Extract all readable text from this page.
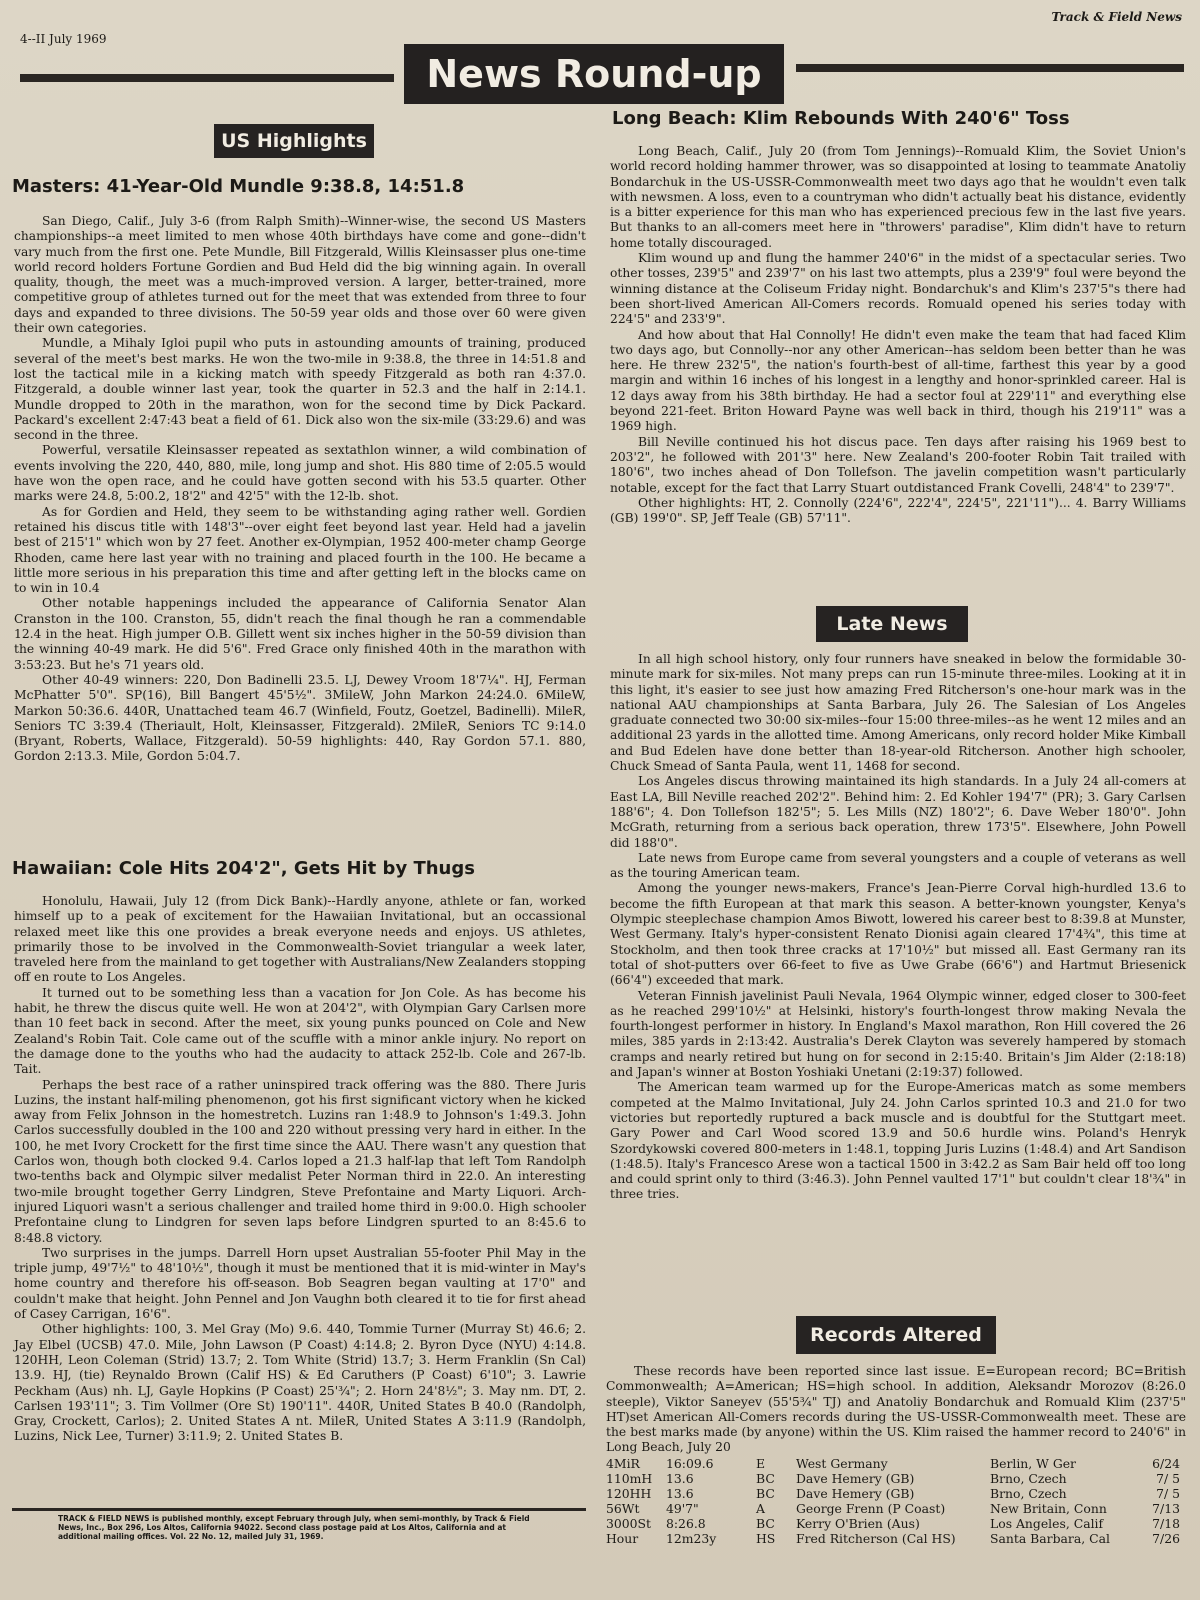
4--II July 1969
Track & Field News
News Round-up
US Highlights
Masters: 41-Year-Old Mundle 9:38.8, 14:51.8

San Diego, Calif., July 3-6 (from Ralph Smith)--Winner-wise, the second US Masters championships--a meet limited to men whose 40th birthdays have come and gone--didn't vary much from the first one. Pete Mundle, Bill Fitzgerald, Willis Kleinsasser plus one-time world record holders Fortune Gordien and Bud Held did the big winning again. In overall quality, though, the meet was a much-improved version. A larger, better-trained, more competitive group of athletes turned out for the meet that was extended from three to four days and expanded to three divisions. The 50-59 year olds and those over 60 were given their own categories.

Mundle, a Mihaly Igloi pupil who puts in astounding amounts of training, produced several of the meet's best marks. He won the two-mile in 9:38.8, the three in 14:51.8 and lost the tactical mile in a kicking match with speedy Fitzgerald as both ran 4:37.0. Fitzgerald, a double winner last year, took the quarter in 52.3 and the half in 2:14.1. Mundle dropped to 20th in the marathon, won for the second time by Dick Packard. Packard's excellent 2:47:43 beat a field of 61. Dick also won the six-mile (33:29.6) and was second in the three.

Powerful, versatile Kleinsasser repeated as sextathlon winner, a wild combination of events involving the 220, 440, 880, mile, long jump and shot. His 880 time of 2:05.5 would have won the open race, and he could have gotten second with his 53.5 quarter. Other marks were 24.8, 5:00.2, 18'2" and 42'5" with the 12-lb. shot.

As for Gordien and Held, they seem to be withstanding aging rather well. Gordien retained his discus title with 148'3"--over eight feet beyond last year. Held had a javelin best of 215'1" which won by 27 feet. Another ex-Olympian, 1952 400-meter champ George Rhoden, came here last year with no training and placed fourth in the 100. He became a little more serious in his preparation this time and after getting left in the blocks came on to win in 10.4

Other notable happenings included the appearance of California Senator Alan Cranston in the 100. Cranston, 55, didn't reach the final though he ran a commendable 12.4 in the heat. High jumper O.B. Gillett went six inches higher in the 50-59 division than the winning 40-49 mark. He did 5'6". Fred Grace only finished 40th in the marathon with 3:53:23. But he's 71 years old.

Other 40-49 winners: 220, Don Badinelli 23.5. LJ, Dewey Vroom 18'7¼". HJ, Ferman McPhatter 5'0". SP(16), Bill Bangert 45'5½". 3MileW, John Markon 24:24.0. 6MileW, Markon 50:36.6. 440R, Unattached team 46.7 (Winfield, Foutz, Goetzel, Badinelli). MileR, Seniors TC 3:39.4 (Theriault, Holt, Kleinsasser, Fitzgerald). 2MileR, Seniors TC 9:14.0 (Bryant, Roberts, Wallace, Fitzgerald). 50-59 highlights: 440, Ray Gordon 57.1. 880, Gordon 2:13.3. Mile, Gordon 5:04.7.

Hawaiian: Cole Hits 204'2", Gets Hit by Thugs

Honolulu, Hawaii, July 12 (from Dick Bank)--Hardly anyone, athlete or fan, worked himself up to a peak of excitement for the Hawaiian Invitational, but an occassional relaxed meet like this one provides a break everyone needs and enjoys. US athletes, primarily those to be involved in the Commonwealth-Soviet triangular a week later, traveled here from the mainland to get together with Australians/New Zealanders stopping off en route to Los Angeles.

It turned out to be something less than a vacation for Jon Cole. As has become his habit, he threw the discus quite well. He won at 204'2", with Olympian Gary Carlsen more than 10 feet back in second. After the meet, six young punks pounced on Cole and New Zealand's Robin Tait. Cole came out of the scuffle with a minor ankle injury. No report on the damage done to the youths who had the audacity to attack 252-lb. Cole and 267-lb. Tait.

Perhaps the best race of a rather uninspired track offering was the 880. There Juris Luzins, the instant half-miling phenomenon, got his first significant victory when he kicked away from Felix Johnson in the homestretch. Luzins ran 1:48.9 to Johnson's 1:49.3. John Carlos successfully doubled in the 100 and 220 without pressing very hard in either. In the 100, he met Ivory Crockett for the first time since the AAU. There wasn't any question that Carlos won, though both clocked 9.4. Carlos loped a 21.3 half-lap that left Tom Randolph two-tenths back and Olympic silver medalist Peter Norman third in 22.0. An interesting two-mile brought together Gerry Lindgren, Steve Prefontaine and Marty Liquori. Arch-injured Liquori wasn't a serious challenger and trailed home third in 9:00.0. High schooler Prefontaine clung to Lindgren for seven laps before Lindgren spurted to an 8:45.6 to 8:48.8 victory.

Two surprises in the jumps. Darrell Horn upset Australian 55-footer Phil May in the triple jump, 49'7½" to 48'10½", though it must be mentioned that it is mid-winter in May's home country and therefore his off-season. Bob Seagren began vaulting at 17'0" and couldn't make that height. John Pennel and Jon Vaughn both cleared it to tie for first ahead of Casey Carrigan, 16'6".

Other highlights: 100, 3. Mel Gray (Mo) 9.6. 440, Tommie Turner (Murray St) 46.6; 2. Jay Elbel (UCSB) 47.0. Mile, John Lawson (P Coast) 4:14.8; 2. Byron Dyce (NYU) 4:14.8. 120HH, Leon Coleman (Strid) 13.7; 2. Tom White (Strid) 13.7; 3. Herm Franklin (Sn Cal) 13.9. HJ, (tie) Reynaldo Brown (Calif HS) & Ed Caruthers (P Coast) 6'10"; 3. Lawrie Peckham (Aus) nh. LJ, Gayle Hopkins (P Coast) 25'¾"; 2. Horn 24'8½"; 3. May nm. DT, 2. Carlsen 193'11"; 3. Tim Vollmer (Ore St) 190'11". 440R, United States B 40.0 (Randolph, Gray, Crockett, Carlos); 2. United States A nt. MileR, United States A 3:11.9 (Randolph, Luzins, Nick Lee, Turner) 3:11.9; 2. United States B.

TRACK & FIELD NEWS is published monthly, except February through July, when semi-monthly, by Track & Field News, Inc., Box 296, Los Altos, California 94022. Second class postage paid at Los Altos, California and at additional mailing offices. Vol. 22 No. 12, mailed July 31, 1969.
Long Beach: Klim Rebounds With 240'6" Toss

Long Beach, Calif., July 20 (from Tom Jennings)--Romuald Klim, the Soviet Union's world record holding hammer thrower, was so disappointed at losing to teammate Anatoliy Bondarchuk in the US-USSR-Commonwealth meet two days ago that he wouldn't even talk with newsmen. A loss, even to a countryman who didn't actually beat his distance, evidently is a bitter experience for this man who has experienced precious few in the last five years. But thanks to an all-comers meet here in "throwers' paradise", Klim didn't have to return home totally discouraged.

Klim wound up and flung the hammer 240'6" in the midst of a spectacular series. Two other tosses, 239'5" and 239'7" on his last two attempts, plus a 239'9" foul were beyond the winning distance at the Coliseum Friday night. Bondarchuk's and Klim's 237'5"s there had been short-lived American All-Comers records. Romuald opened his series today with 224'5" and 233'9".

And how about that Hal Connolly! He didn't even make the team that had faced Klim two days ago, but Connolly--nor any other American--has seldom been better than he was here. He threw 232'5", the nation's fourth-best of all-time, farthest this year by a good margin and within 16 inches of his longest in a lengthy and honor-sprinkled career. Hal is 12 days away from his 38th birthday. He had a sector foul at 229'11" and everything else beyond 221-feet. Briton Howard Payne was well back in third, though his 219'11" was a 1969 high.

Bill Neville continued his hot discus pace. Ten days after raising his 1969 best to 203'2", he followed with 201'3" here. New Zealand's 200-footer Robin Tait trailed with 180'6", two inches ahead of Don Tollefson. The javelin competition wasn't particularly notable, except for the fact that Larry Stuart outdistanced Frank Covelli, 248'4" to 239'7".

Other highlights: HT, 2. Connolly (224'6", 222'4", 224'5", 221'11")... 4. Barry Williams (GB) 199'0". SP, Jeff Teale (GB) 57'11".

Late News

In all high school history, only four runners have sneaked in below the formidable 30-minute mark for six-miles. Not many preps can run 15-minute three-miles. Looking at it in this light, it's easier to see just how amazing Fred Ritcherson's one-hour mark was in the national AAU championships at Santa Barbara, July 26. The Salesian of Los Angeles graduate connected two 30:00 six-miles--four 15:00 three-miles--as he went 12 miles and an additional 23 yards in the allotted time. Among Americans, only record holder Mike Kimball and Bud Edelen have done better than 18-year-old Ritcherson. Another high schooler, Chuck Smead of Santa Paula, went 11, 1468 for second.

Los Angeles discus throwing maintained its high standards. In a July 24 all-comers at East LA, Bill Neville reached 202'2". Behind him: 2. Ed Kohler 194'7" (PR); 3. Gary Carlsen 188'6"; 4. Don Tollefson 182'5"; 5. Les Mills (NZ) 180'2"; 6. Dave Weber 180'0". John McGrath, returning from a serious back operation, threw 173'5". Elsewhere, John Powell did 188'0".

Late news from Europe came from several youngsters and a couple of veterans as well as the touring American team.

Among the younger news-makers, France's Jean-Pierre Corval high-hurdled 13.6 to become the fifth European at that mark this season. A better-known youngster, Kenya's Olympic steeplechase champion Amos Biwott, lowered his career best to 8:39.8 at Munster, West Germany. Italy's hyper-consistent Renato Dionisi again cleared 17'4¾", this time at Stockholm, and then took three cracks at 17'10½" but missed all. East Germany ran its total of shot-putters over 66-feet to five as Uwe Grabe (66'6") and Hartmut Briesenick (66'4") exceeded that mark.

Veteran Finnish javelinist Pauli Nevala, 1964 Olympic winner, edged closer to 300-feet as he reached 299'10½" at Helsinki, history's fourth-longest throw making Nevala the fourth-longest performer in history. In England's Maxol marathon, Ron Hill covered the 26 miles, 385 yards in 2:13:42. Australia's Derek Clayton was severely hampered by stomach cramps and nearly retired but hung on for second in 2:15:40. Britain's Jim Alder (2:18:18) and Japan's winner at Boston Yoshiaki Unetani (2:19:37) followed.

The American team warmed up for the Europe-Americas match as some members competed at the Malmo Invitational, July 24. John Carlos sprinted 10.3 and 21.0 for two victories but reportedly ruptured a back muscle and is doubtful for the Stuttgart meet. Gary Power and Carl Wood scored 13.9 and 50.6 hurdle wins. Poland's Henryk Szordykowski covered 800-meters in 1:48.1, topping Juris Luzins (1:48.4) and Art Sandison (1:48.5). Italy's Francesco Arese won a tactical 1500 in 3:42.2 as Sam Bair held off too long and could sprint only to third (3:46.3). John Pennel vaulted 17'1" but couldn't clear 18'¾" in three tries.

Records Altered

These records have been reported since last issue. E=European record; BC=British Commonwealth; A=American; HS=high school. In addition, Aleksandr Morozov (8:26.0 steeple), Viktor Saneyev (55'5¾" TJ) and Anatoliy Bondarchuk and Romuald Klim (237'5" HT)set American All-Comers records during the US-USSR-Commonwealth meet. These are the best marks made (by anyone) within the US. Klim raised the hammer record to 240'6" in Long Beach, July 20

4MiR	16:09.6	E	West Germany	Berlin, W Ger	6/24
110mH	13.6	BC	Dave Hemery (GB)	Brno, Czech	7/ 5
120HH	13.6	BC	Dave Hemery (GB)	Brno, Czech	7/ 5
56Wt	49'7"	A	George Frenn (P Coast)	New Britain, Conn	7/13
3000St	8:26.8	BC	Kerry O'Brien (Aus)	Los Angeles, Calif	7/18
Hour	12m23y	HS	Fred Ritcherson (Cal HS)	Santa Barbara, Cal	7/26
